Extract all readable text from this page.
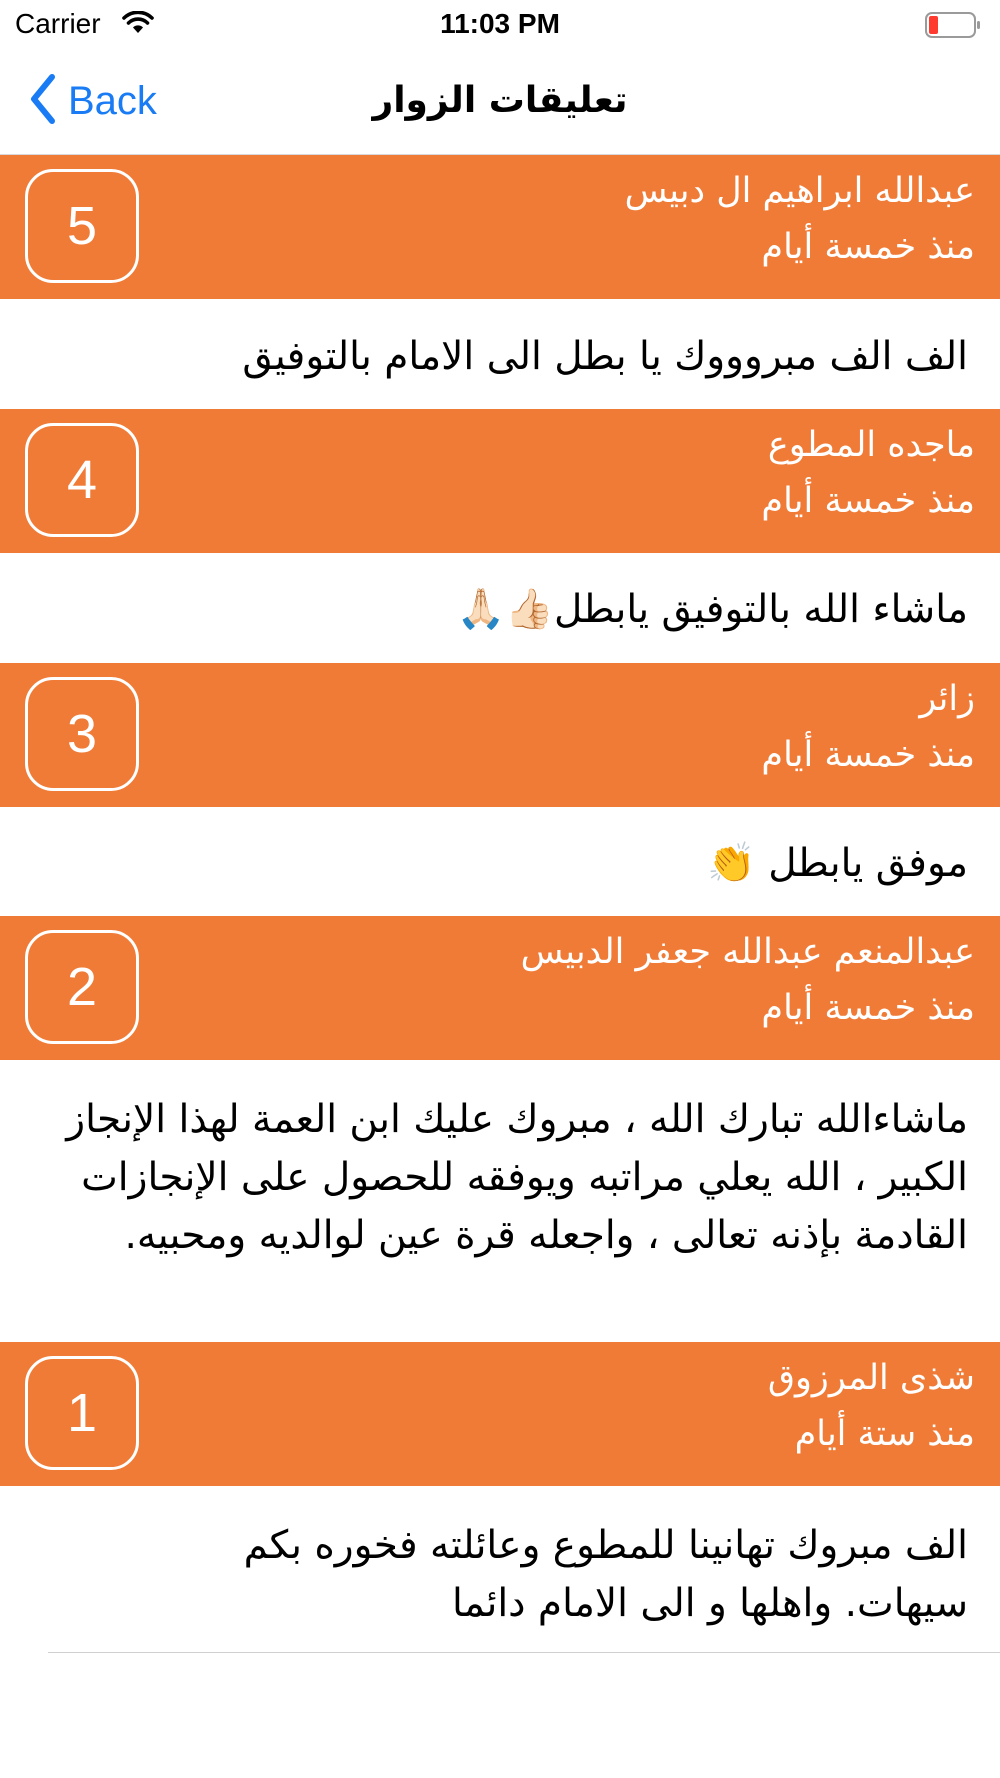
Carrier	11:03 PM
Back	تعليقات الزوار
5
عبدالله ابراهيم ال دبيس
منذ خمسة أيام
الف الف مبروووك يا بطل الى الامام بالتوفيق
4
ماجده المطوع
منذ خمسة أيام
ماشاء الله بالتوفيق يابطل👍🏻🙏🏻
3
زائر
منذ خمسة أيام
موفق يابطل 👏
2
عبدالمنعم عبدالله جعفر الدبيس
منذ خمسة أيام
ماشاءالله تبارك الله ، مبروك عليك ابن العمة لهذا الإنجاز الكبير ، الله يعلي مراتبه ويوفقه للحصول على الإنجازات القادمة بإذنه تعالى ، واجعله قرة عين لوالديه ومحبيه.
1
شذى المرزوق
منذ ستة أيام
الف مبروك تهانينا للمطوع وعائلته فخوره بكم سيهات. واهلها و الى الامام دائما
